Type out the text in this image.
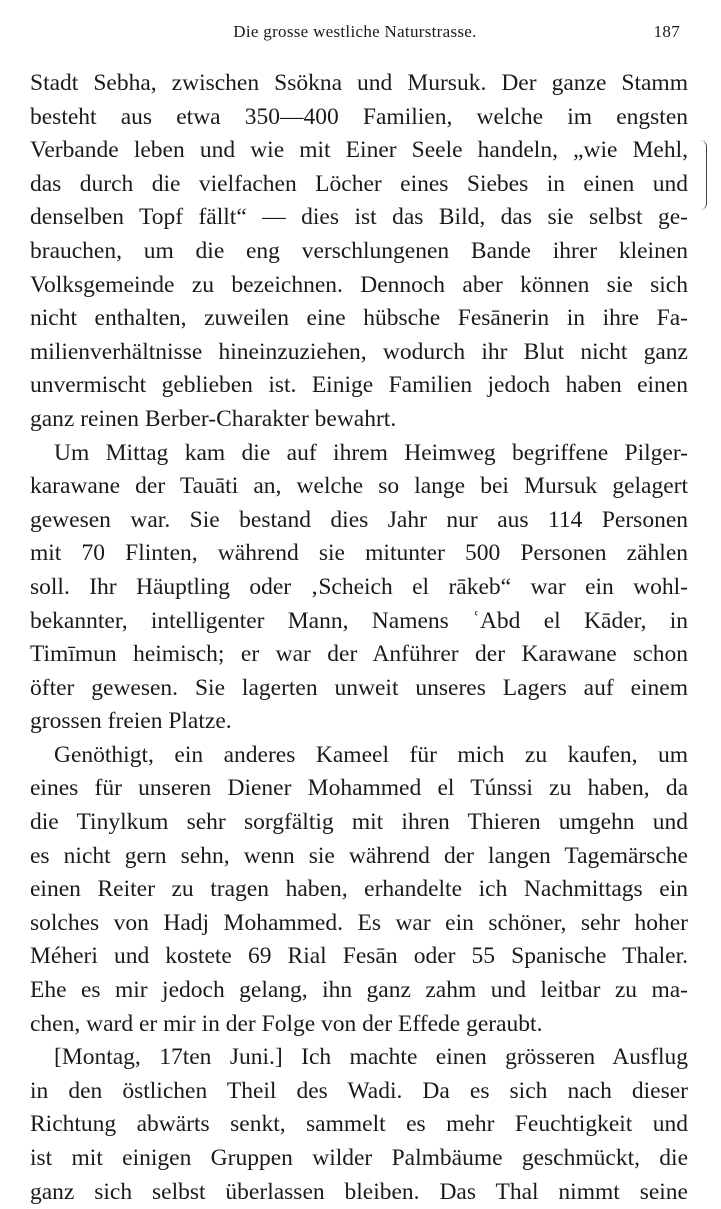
Die grosse westliche Naturstrasse.	187
Stadt Sebha, zwischen Ssökna und Mursuk. Der ganze Stamm
besteht aus etwa 350—400 Familien, welche im engsten
Verbande leben und wie mit Einer Seele handeln, „wie Mehl,
das durch die vielfachen Löcher eines Siebes in einen und
denselben Topf fällt“ — dies ist das Bild, das sie selbst ge-
brauchen, um die eng verschlungenen Bande ihrer kleinen
Volksgemeinde zu bezeichnen. Dennoch aber können sie sich
nicht enthalten, zuweilen eine hübsche Fesānerin in ihre Fa-
milienverhältnisse hineinzuziehen, wodurch ihr Blut nicht ganz
unvermischt geblieben ist. Einige Familien jedoch haben einen
ganz reinen Berber-Charakter bewahrt.
Um Mittag kam die auf ihrem Heimweg begriffene Pilger-
karawane der Tauāti an, welche so lange bei Mursuk gelagert
gewesen war. Sie bestand dies Jahr nur aus 114 Personen
mit 70 Flinten, während sie mitunter 500 Personen zählen
soll. Ihr Häuptling oder ‚Scheich el rākeb“ war ein wohl-
bekannter, intelligenter Mann, Namens ʿAbd el Kāder, in
Timīmun heimisch; er war der Anführer der Karawane schon
öfter gewesen. Sie lagerten unweit unseres Lagers auf einem
grossen freien Platze.
Genöthigt, ein anderes Kameel für mich zu kaufen, um
eines für unseren Diener Mohammed el Túnssi zu haben, da
die Tinylkum sehr sorgfältig mit ihren Thieren umgehn und
es nicht gern sehn, wenn sie während der langen Tagemärsche
einen Reiter zu tragen haben, erhandelte ich Nachmittags ein
solches von Hadj Mohammed. Es war ein schöner, sehr hoher
Méheri und kostete 69 Rial Fesān oder 55 Spanische Thaler.
Ehe es mir jedoch gelang, ihn ganz zahm und leitbar zu ma-
chen, ward er mir in der Folge von der Effede geraubt.
[Montag, 17ten Juni.] Ich machte einen grösseren Ausflug
in den östlichen Theil des Wadi. Da es sich nach dieser
Richtung abwärts senkt, sammelt es mehr Feuchtigkeit und
ist mit einigen Gruppen wilder Palmbäume geschmückt, die
ganz sich selbst überlassen bleiben. Das Thal nimmt seine
